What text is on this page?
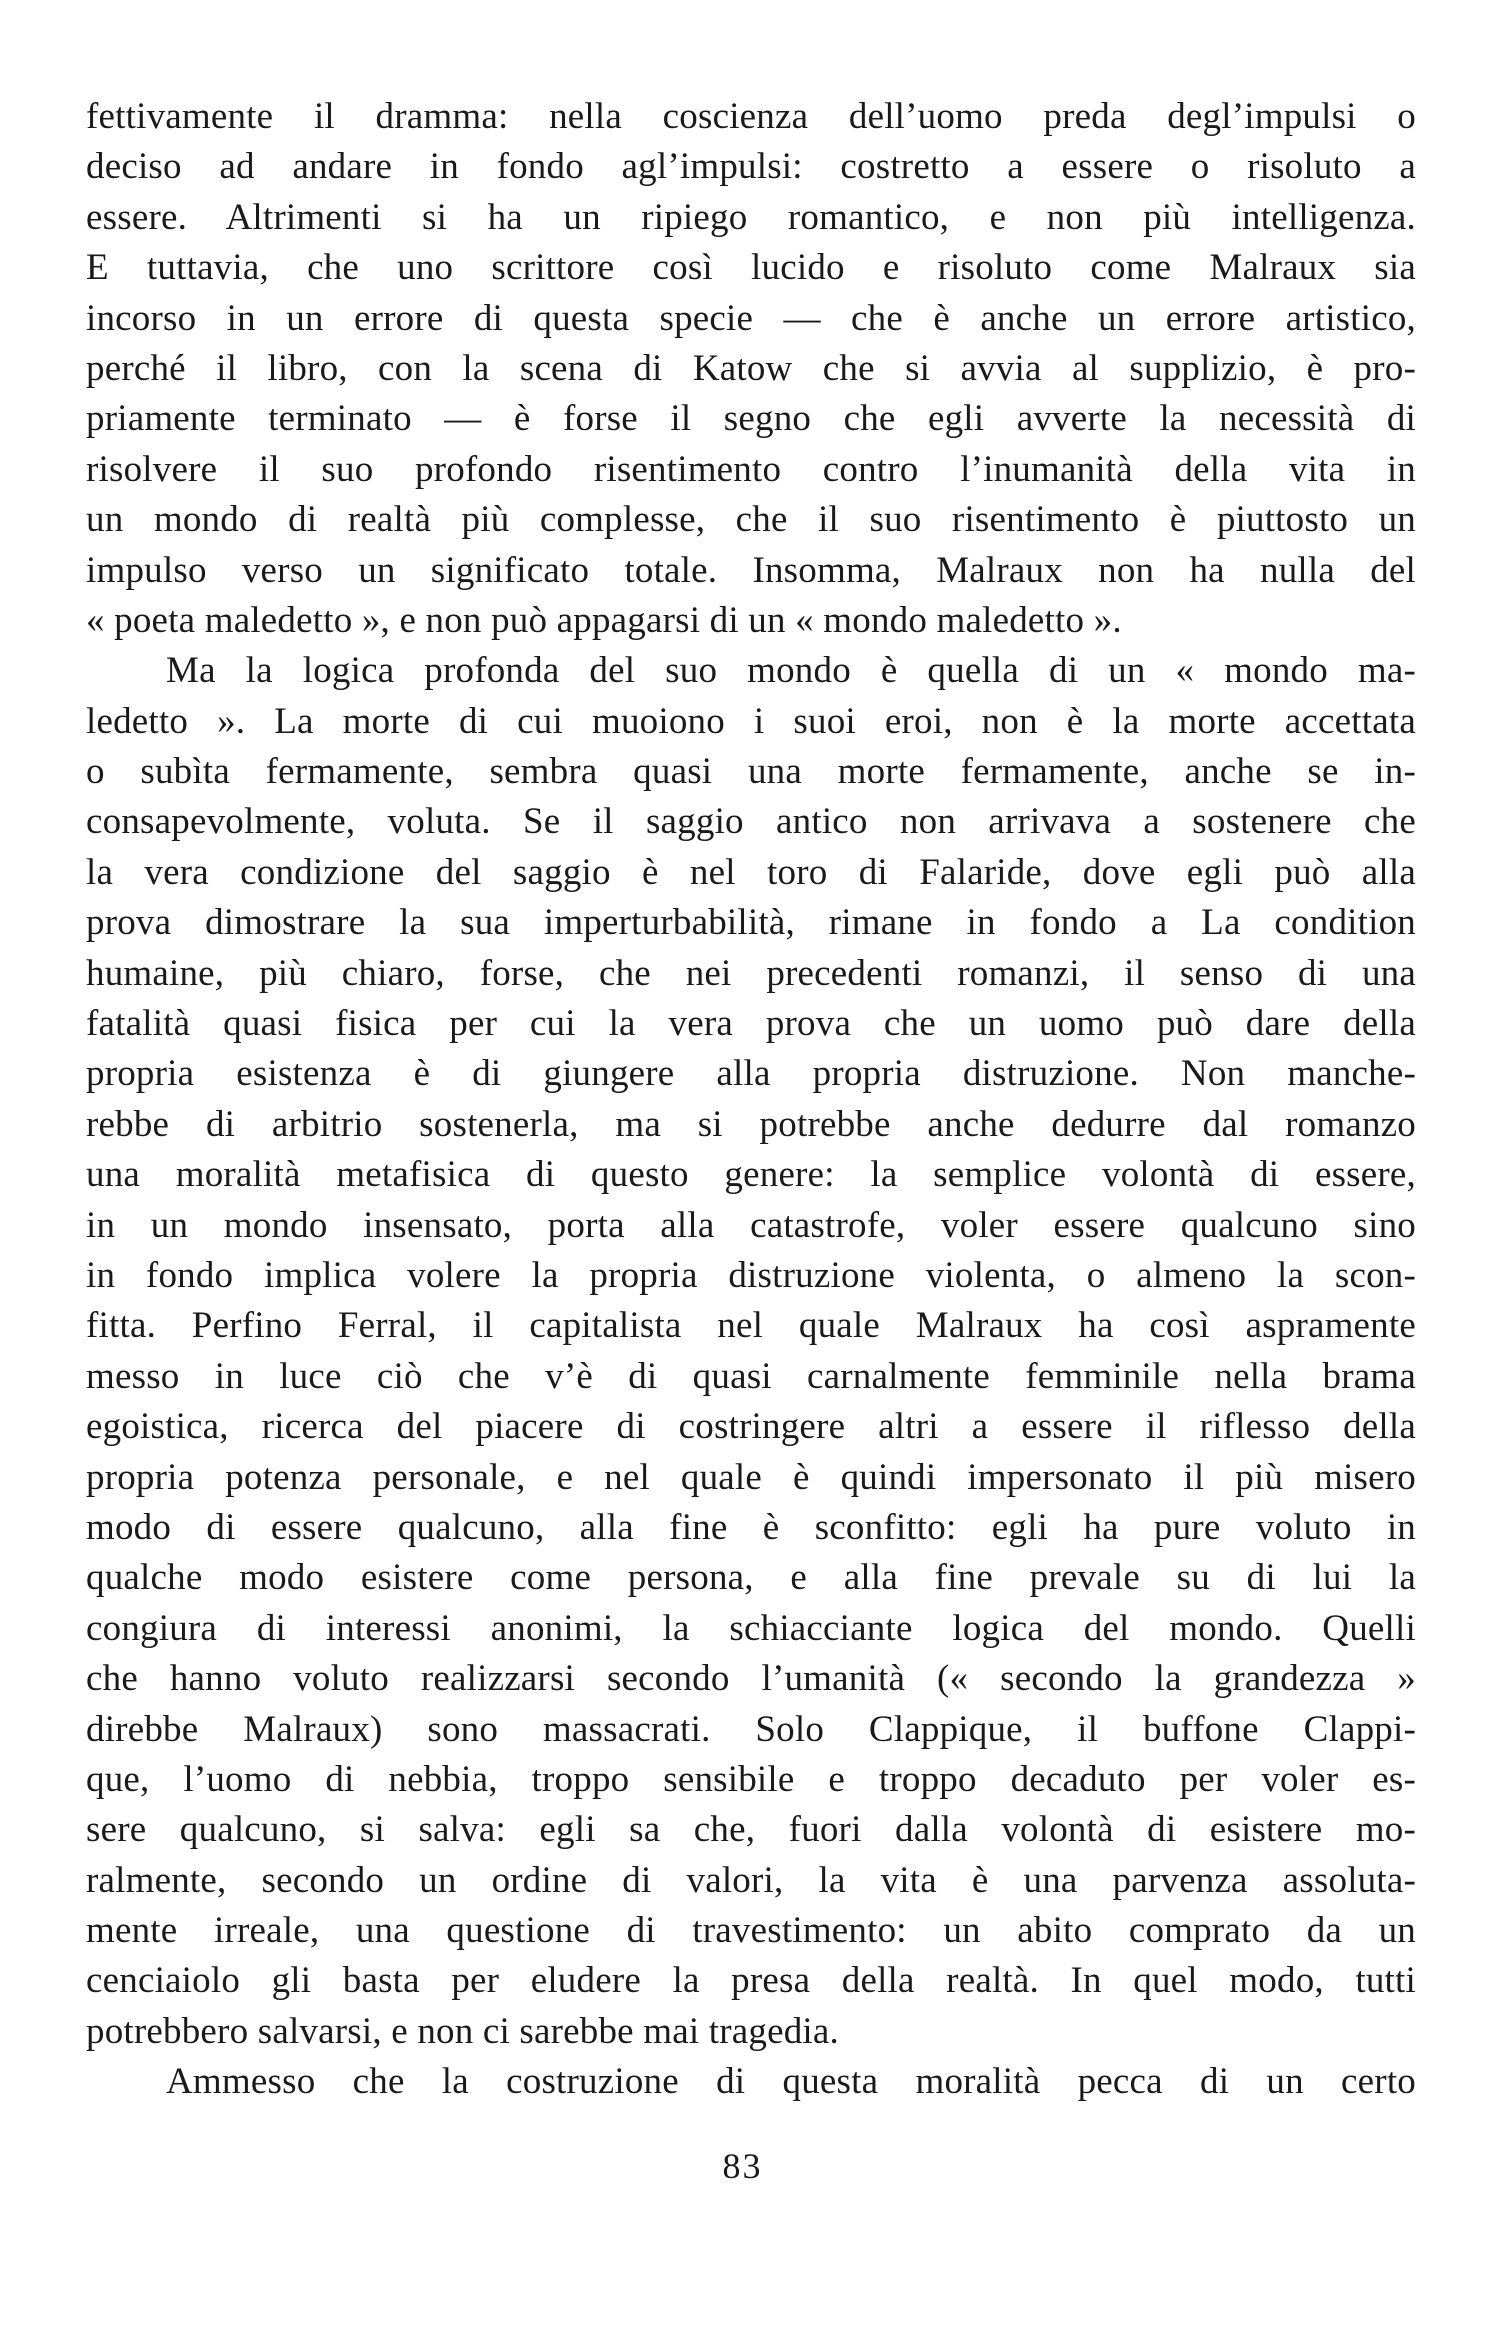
fettivamente il dramma: nella coscienza dell’uomo preda degl’impulsi o
deciso ad andare in fondo agl’impulsi: costretto a essere o risoluto a
essere. Altrimenti si ha un ripiego romantico, e non più intelligenza.
E tuttavia, che uno scrittore così lucido e risoluto come Malraux sia
incorso in un errore di questa specie — che è anche un errore artistico,
perché il libro, con la scena di Katow che si avvia al supplizio, è pro-
priamente terminato — è forse il segno che egli avverte la necessità di
risolvere il suo profondo risentimento contro l’inumanità della vita in
un mondo di realtà più complesse, che il suo risentimento è piuttosto un
impulso verso un significato totale. Insomma, Malraux non ha nulla del
« poeta maledetto », e non può appagarsi di un « mondo maledetto ».
Ma la logica profonda del suo mondo è quella di un « mondo ma-
ledetto ». La morte di cui muoiono i suoi eroi, non è la morte accettata
o subìta fermamente, sembra quasi una morte fermamente, anche se in-
consapevolmente, voluta. Se il saggio antico non arrivava a sostenere che
la vera condizione del saggio è nel toro di Falaride, dove egli può alla
prova dimostrare la sua imperturbabilità, rimane in fondo a La condition
humaine, più chiaro, forse, che nei precedenti romanzi, il senso di una
fatalità quasi fisica per cui la vera prova che un uomo può dare della
propria esistenza è di giungere alla propria distruzione. Non manche-
rebbe di arbitrio sostenerla, ma si potrebbe anche dedurre dal romanzo
una moralità metafisica di questo genere: la semplice volontà di essere,
in un mondo insensato, porta alla catastrofe, voler essere qualcuno sino
in fondo implica volere la propria distruzione violenta, o almeno la scon-
fitta. Perfino Ferral, il capitalista nel quale Malraux ha così aspramente
messo in luce ciò che v’è di quasi carnalmente femminile nella brama
egoistica, ricerca del piacere di costringere altri a essere il riflesso della
propria potenza personale, e nel quale è quindi impersonato il più misero
modo di essere qualcuno, alla fine è sconfitto: egli ha pure voluto in
qualche modo esistere come persona, e alla fine prevale su di lui la
congiura di interessi anonimi, la schiacciante logica del mondo. Quelli
che hanno voluto realizzarsi secondo l’umanità (« secondo la grandezza »
direbbe Malraux) sono massacrati. Solo Clappique, il buffone Clappi-
que, l’uomo di nebbia, troppo sensibile e troppo decaduto per voler es-
sere qualcuno, si salva: egli sa che, fuori dalla volontà di esistere mo-
ralmente, secondo un ordine di valori, la vita è una parvenza assoluta-
mente irreale, una questione di travestimento: un abito comprato da un
cenciaiolo gli basta per eludere la presa della realtà. In quel modo, tutti
potrebbero salvarsi, e non ci sarebbe mai tragedia.
Ammesso che la costruzione di questa moralità pecca di un certo
83
